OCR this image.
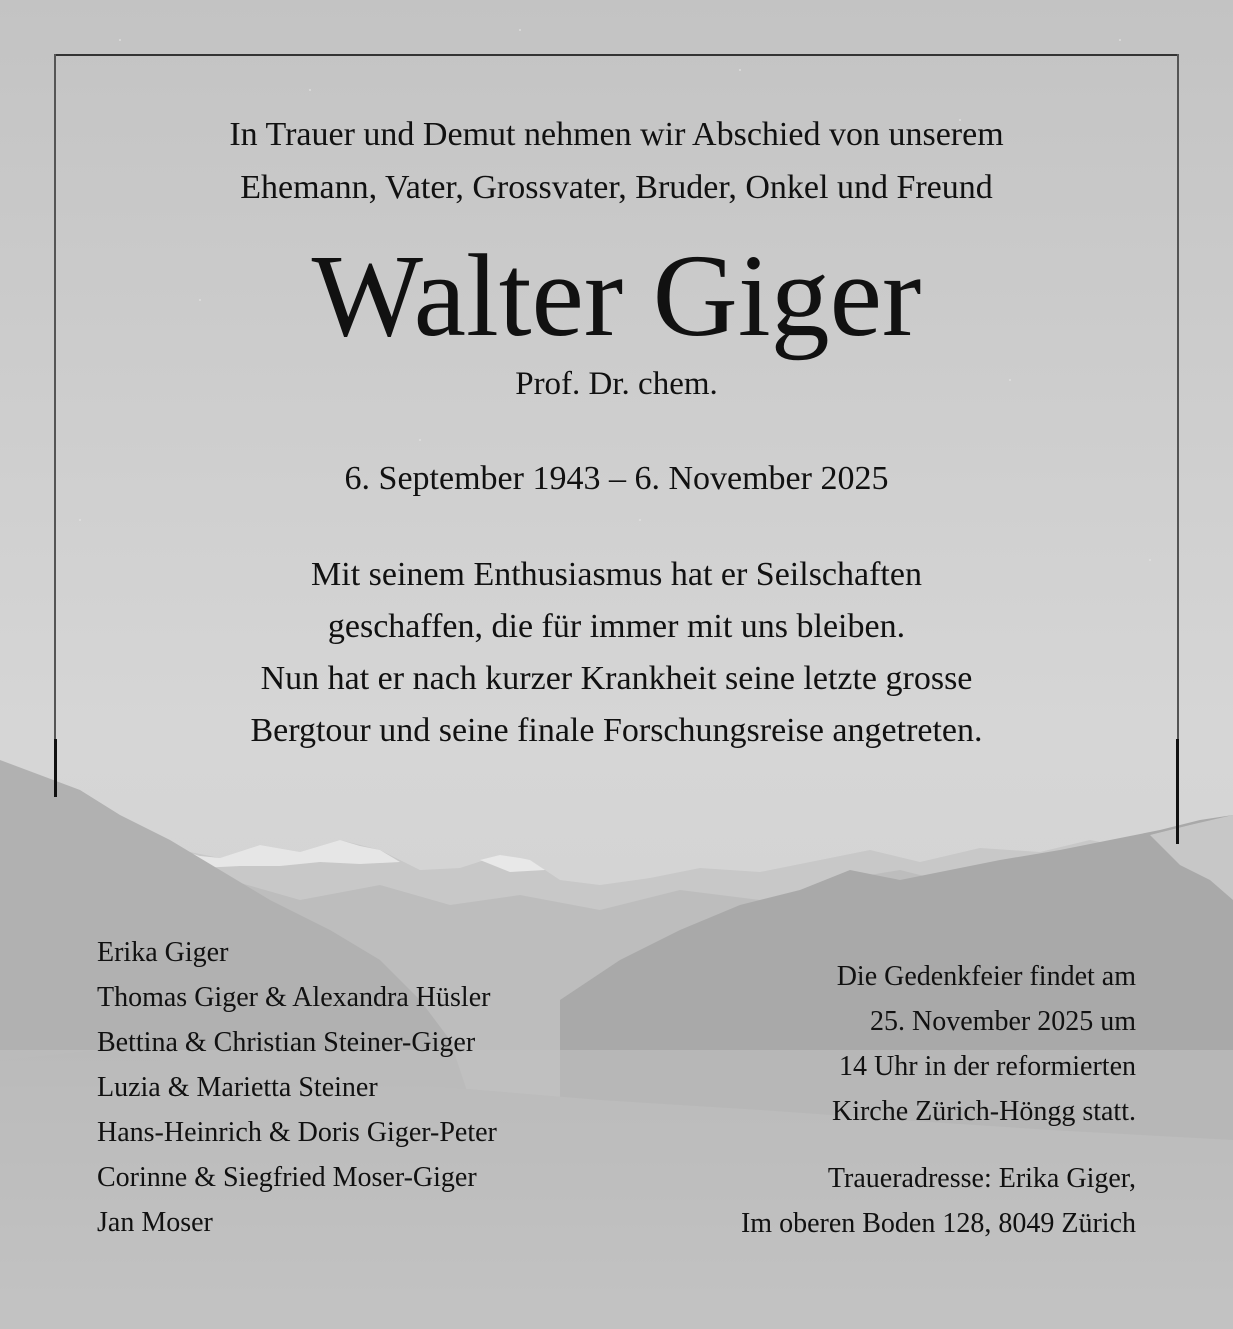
In Trauer und Demut nehmen wir Abschied von unserem
Ehemann, Vater, Grossvater, Bruder, Onkel und Freund
Walter Giger
Prof. Dr. chem.
6. September 1943 – 6. November 2025
Mit seinem Enthusiasmus hat er Seilschaften
geschaffen, die für immer mit uns bleiben.
Nun hat er nach kurzer Krankheit seine letzte grosse
Bergtour und seine finale Forschungsreise angetreten.
Erika Giger
Thomas Giger & Alexandra Hüsler
Bettina & Christian Steiner-Giger
Luzia & Marietta Steiner
Hans-Heinrich & Doris Giger-Peter
Corinne & Siegfried Moser-Giger
Jan Moser
Die Gedenkfeier findet am
25. November 2025 um
14 Uhr in der reformierten
Kirche Zürich-Höngg statt.
Traueradresse: Erika Giger,
Im oberen Boden 128, 8049 Zürich
